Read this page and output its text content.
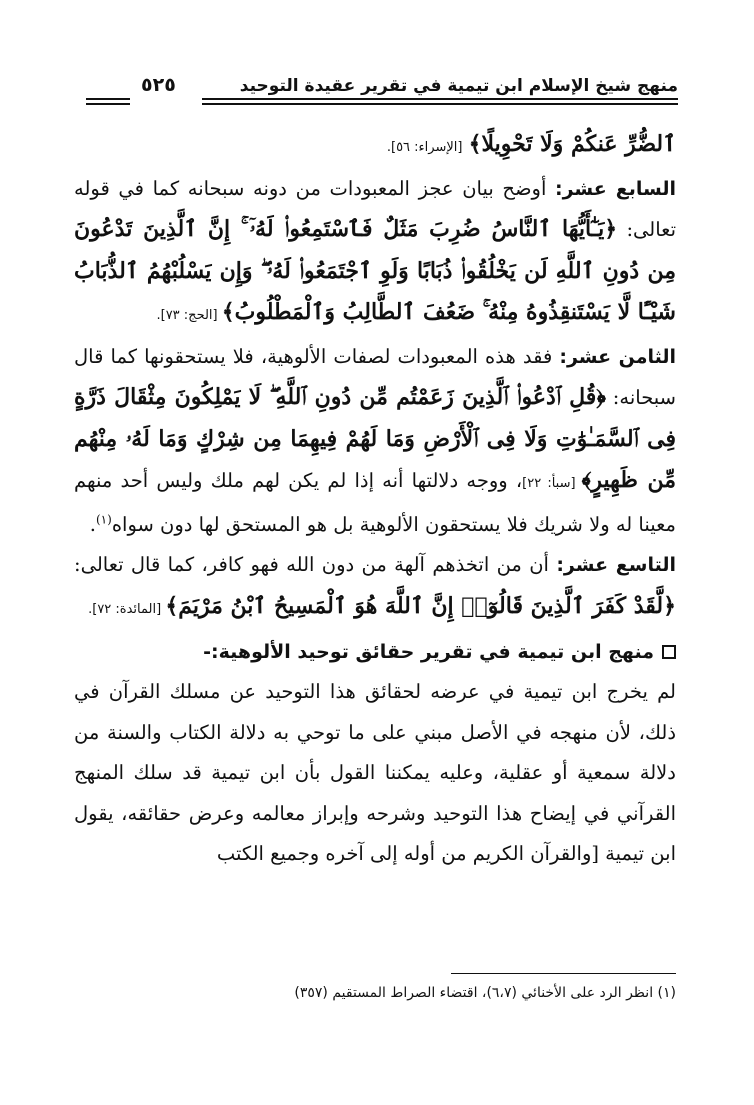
منهج شيخ الإسلام ابن تيمية في تقرير عقيدة التوحيد
٥٢٥

ٱلضُّرِّ عَنكُمْ وَلَا تَحْوِيلًا﴾ [الإسراء: ٥٦].

السابع عشر: أوضح بيان عجز المعبودات من دونه سبحانه كما في قوله تعالى: ﴿يَـٰٓأَيُّهَا ٱلنَّاسُ ضُرِبَ مَثَلٌ فَٱسْتَمِعُوا۟ لَهُۥٓ ۚ إِنَّ ٱلَّذِينَ تَدْعُونَ مِن دُونِ ٱللَّهِ لَن يَخْلُقُوا۟ ذُبَابًا وَلَوِ ٱجْتَمَعُوا۟ لَهُۥ ۖ وَإِن يَسْلُبْهُمُ ٱلذُّبَابُ شَيْـًٔا لَّا يَسْتَنقِذُوهُ مِنْهُ ۚ ضَعُفَ ٱلطَّالِبُ وَٱلْمَطْلُوبُ﴾ [الحج: ٧٣].

الثامن عشر: فقد هذه المعبودات لصفات الألوهية، فلا يستحقونها كما قال سبحانه: ﴿قُلِ ٱدْعُوا۟ ٱلَّذِينَ زَعَمْتُم مِّن دُونِ ٱللَّهِ ۖ لَا يَمْلِكُونَ مِثْقَالَ ذَرَّةٍ فِى ٱلسَّمَـٰوَٰتِ وَلَا فِى ٱلْأَرْضِ وَمَا لَهُمْ فِيهِمَا مِن شِرْكٍ وَمَا لَهُۥ مِنْهُم مِّن ظَهِيرٍ﴾ [سبأ: ٢٢]، ووجه دلالتها أنه إذا لم يكن لهم ملك وليس أحد منهم معينا له ولا شريك فلا يستحقون الألوهية بل هو المستحق لها دون سواه$^{(١)}$.

التاسع عشر: أن من اتخذهم آلهة من دون الله فهو كافر، كما قال تعالى: ﴿لَّقَدْ كَفَرَ ٱلَّذِينَ قَالُوٓا۟ إِنَّ ٱللَّهَ هُوَ ٱلْمَسِيحُ ٱبْنُ مَرْيَمَ﴾ [المائدة: ٧٢].

منهج ابن تيمية في تقرير حقائق توحيد الألوهية:-

لم يخرج ابن تيمية في عرضه لحقائق هذا التوحيد عن مسلك القرآن في ذلك، لأن منهجه في الأصل مبني على ما توحي به دلالة الكتاب والسنة من دلالة سمعية أو عقلية، وعليه يمكننا القول بأن ابن تيمية قد سلك المنهج القرآني في إيضاح هذا التوحيد وشرحه وإبراز معالمه وعرض حقائقه، يقول ابن تيمية [والقرآن الكريم من أوله إلى آخره وجميع الكتب

(١) انظر الرد على الأخنائي (٦،٧)، اقتضاء الصراط المستقيم (٣٥٧)
